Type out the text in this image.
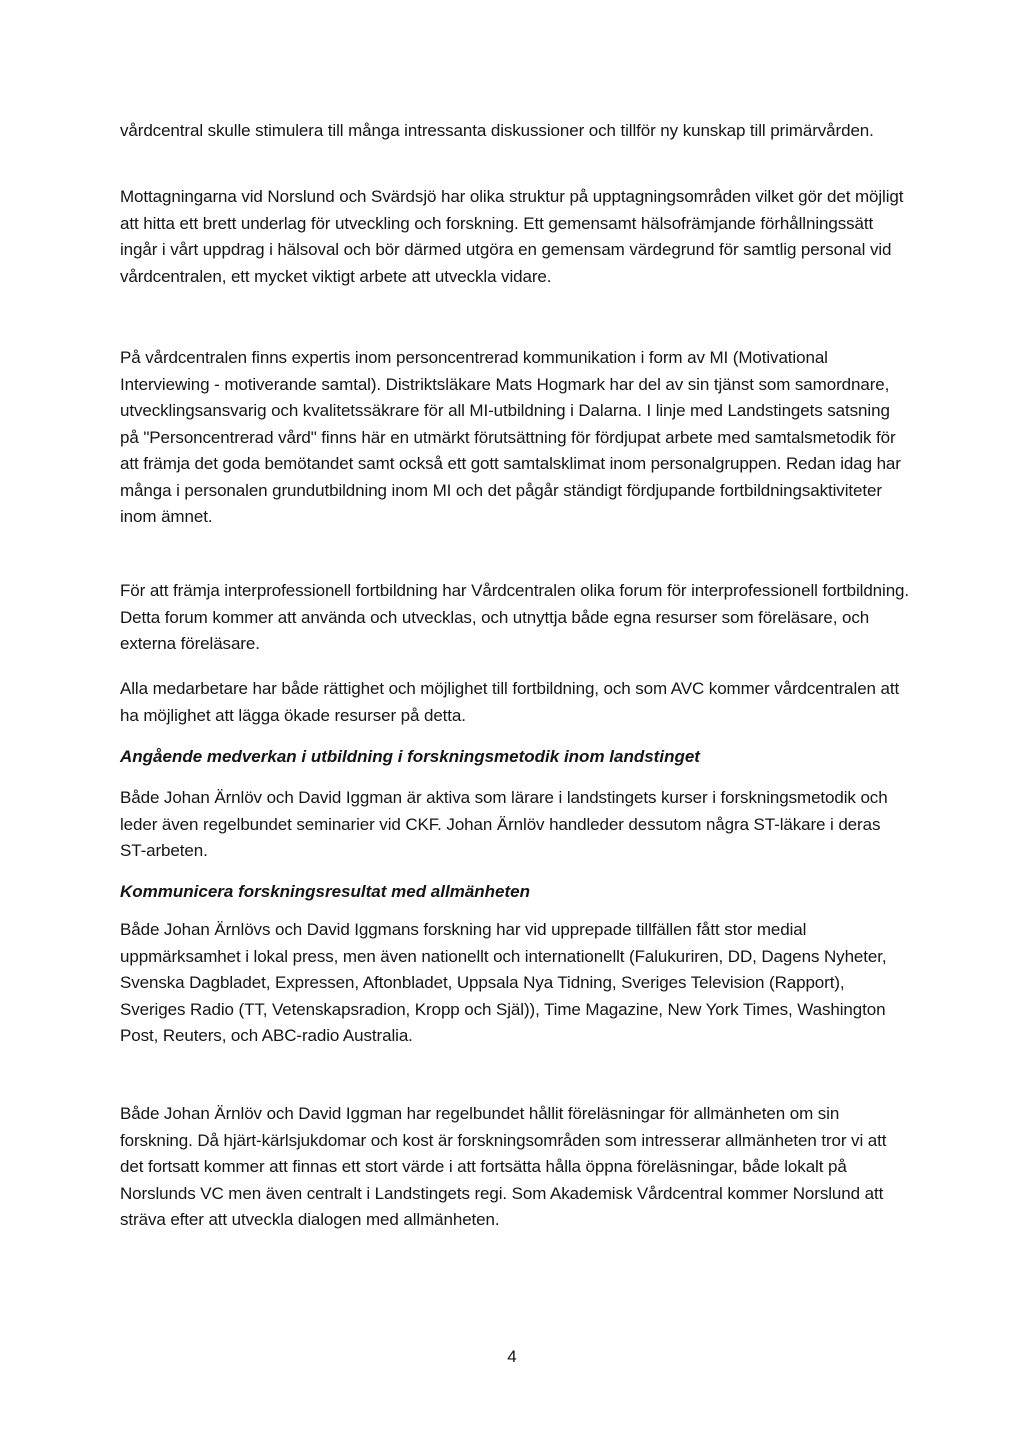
vårdcentral skulle stimulera till många intressanta diskussioner och tillför ny kunskap till primärvården.

Mottagningarna vid Norslund och Svärdsjö har olika struktur på upptagningsområden vilket gör det möjligt att hitta ett brett underlag för utveckling och forskning. Ett gemensamt hälsofrämjande förhållningssätt ingår i vårt uppdrag i hälsoval och bör därmed utgöra en gemensam värdegrund för samtlig personal vid vårdcentralen, ett mycket viktigt arbete att utveckla vidare.

På vårdcentralen finns expertis inom personcentrerad kommunikation i form av MI (Motivational Interviewing - motiverande samtal). Distriktsläkare Mats Hogmark har del av sin tjänst som samordnare, utvecklingsansvarig och kvalitetssäkrare för all MI-utbildning i Dalarna. I linje med Landstingets satsning på "Personcentrerad vård" finns här en utmärkt förutsättning för fördjupat arbete med samtalsmetodik för att främja det goda bemötandet samt också ett gott samtalsklimat inom personalgruppen. Redan idag har många i personalen grundutbildning inom MI och det pågår ständigt fördjupande fortbildningsaktiviteter inom ämnet.

För att främja interprofessionell fortbildning har Vårdcentralen olika forum för interprofessionell fortbildning. Detta forum kommer att använda och utvecklas, och utnyttja både egna resurser som föreläsare, och externa föreläsare.

Alla medarbetare har både rättighet och möjlighet till fortbildning, och som AVC kommer vårdcentralen att ha möjlighet att lägga ökade resurser på detta.

Angående medverkan i utbildning i forskningsmetodik inom landstinget

Både Johan Ärnlöv och David Iggman är aktiva som lärare i landstingets kurser i forskningsmetodik och leder även regelbundet seminarier vid CKF. Johan Ärnlöv handleder dessutom några ST-läkare i deras ST-arbeten.

Kommunicera forskningsresultat med allmänheten

Både Johan Ärnlövs och David Iggmans forskning har vid upprepade tillfällen fått stor medial uppmärksamhet i lokal press, men även nationellt och internationellt (Falukuriren, DD, Dagens Nyheter, Svenska Dagbladet, Expressen, Aftonbladet, Uppsala Nya Tidning, Sveriges Television (Rapport), Sveriges Radio (TT, Vetenskapsradion, Kropp och Själ)), Time Magazine, New York Times, Washington Post, Reuters, och ABC-radio Australia.

Både Johan Ärnlöv och David Iggman har regelbundet hållit föreläsningar för allmänheten om sin forskning. Då hjärt-kärlsjukdomar och kost är forskningsområden som intresserar allmänheten tror vi att det fortsatt kommer att finnas ett stort värde i att fortsätta hålla öppna föreläsningar, både lokalt på Norslunds VC men även centralt i Landstingets regi. Som Akademisk Vårdcentral kommer Norslund att sträva efter att utveckla dialogen med allmänheten.

4
